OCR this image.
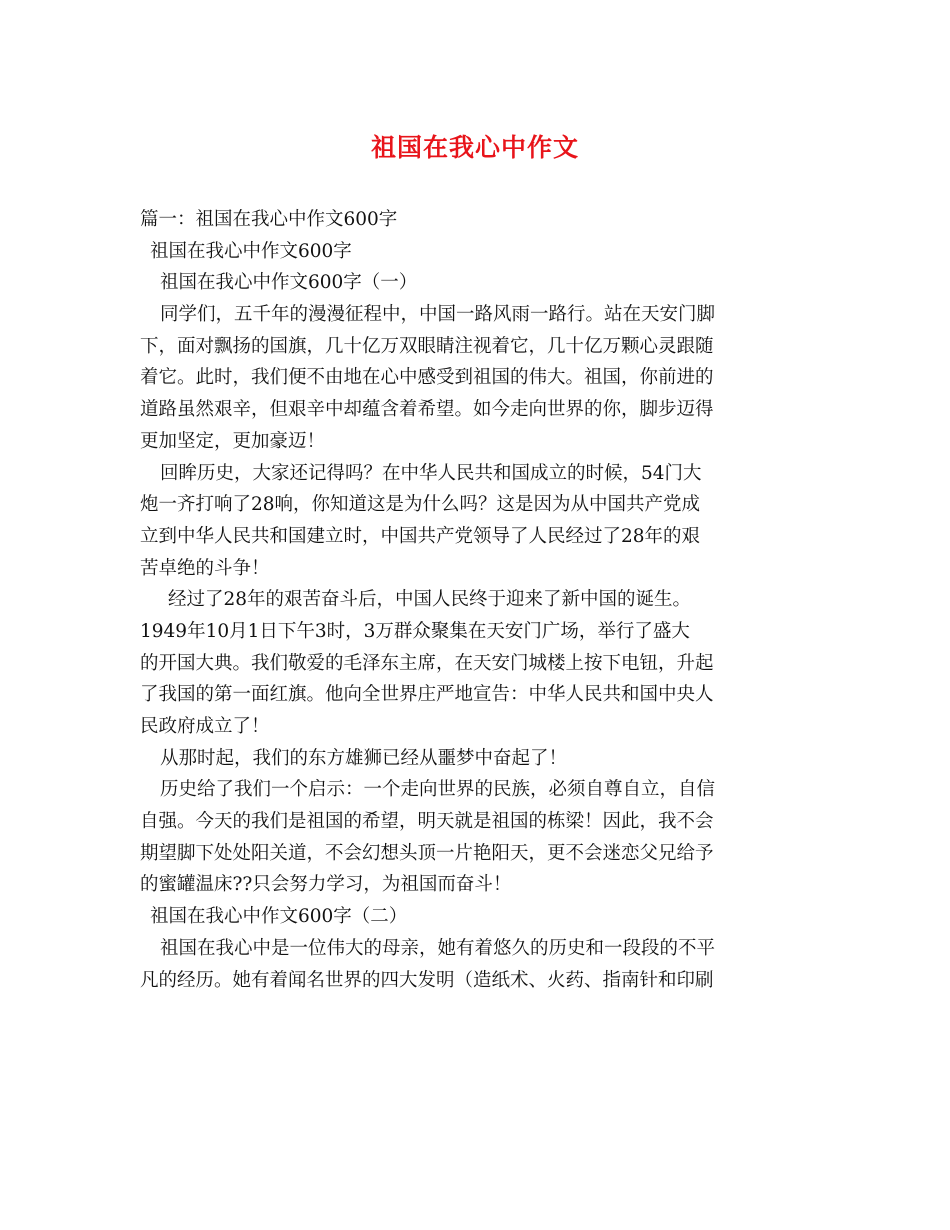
祖国在我心中作文
篇一：祖国在我心中作文600字
祖国在我心中作文600字
祖国在我心中作文600字（一）
同学们，五千年的漫漫征程中，中国一路风雨一路行。站在天安门脚
下，面对飘扬的国旗，几十亿万双眼睛注视着它，几十亿万颗心灵跟随
着它。此时，我们便不由地在心中感受到祖国的伟大。祖国，你前进的
道路虽然艰辛，但艰辛中却蕴含着希望。如今走向世界的你，脚步迈得
更加坚定，更加豪迈！
回眸历史，大家还记得吗？在中华人民共和国成立的时候，54门大
炮一齐打响了28响，你知道这是为什么吗？这是因为从中国共产党成
立到中华人民共和国建立时，中国共产党领导了人民经过了28年的艰
苦卓绝的斗争！
经过了28年的艰苦奋斗后，中国人民终于迎来了新中国的诞生。
1949年10月1日下午3时，3万群众聚集在天安门广场，举行了盛大
的开国大典。我们敬爱的毛泽东主席，在天安门城楼上按下电钮，升起
了我国的第一面红旗。他向全世界庄严地宣告：中华人民共和国中央人
民政府成立了！
从那时起，我们的东方雄狮已经从噩梦中奋起了！
历史给了我们一个启示：一个走向世界的民族，必须自尊自立，自信
自强。今天的我们是祖国的希望，明天就是祖国的栋梁！因此，我不会
期望脚下处处阳关道，不会幻想头顶一片艳阳天，更不会迷恋父兄给予
的蜜罐温床??只会努力学习，为祖国而奋斗！
祖国在我心中作文600字（二）
祖国在我心中是一位伟大的母亲，她有着悠久的历史和一段段的不平
凡的经历。她有着闻名世界的四大发明（造纸术、火药、指南针和印刷
